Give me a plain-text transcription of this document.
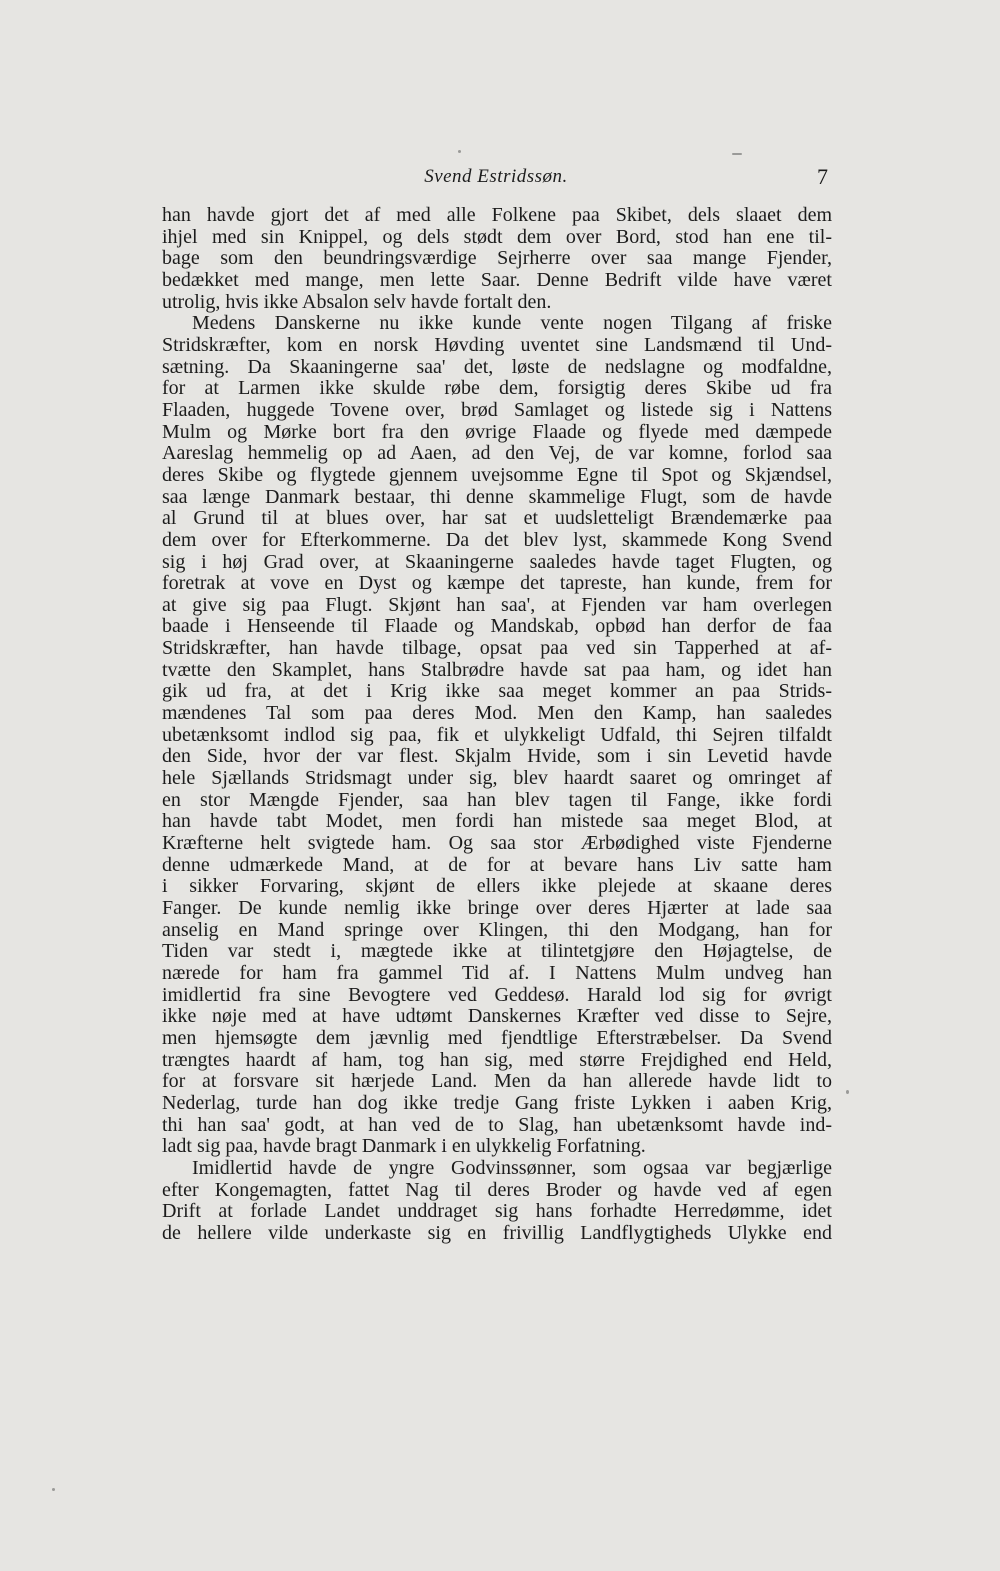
Svend Estridssøn.	7
han havde gjort det af med alle Folkene paa Skibet, dels slaaet dem
ihjel med sin Knippel, og dels stødt dem over Bord, stod han ene til-
bage som den beundringsværdige Sejrherre over saa mange Fjender,
bedækket med mange, men lette Saar. Denne Bedrift vilde have været
utrolig, hvis ikke Absalon selv havde fortalt den.
Medens Danskerne nu ikke kunde vente nogen Tilgang af friske
Stridskræfter, kom en norsk Høvding uventet sine Landsmænd til Und-
sætning. Da Skaaningerne saa' det, løste de nedslagne og modfaldne,
for at Larmen ikke skulde røbe dem, forsigtig deres Skibe ud fra
Flaaden, huggede Tovene over, brød Samlaget og listede sig i Nattens
Mulm og Mørke bort fra den øvrige Flaade og flyede med dæmpede
Aareslag hemmelig op ad Aaen, ad den Vej, de var komne, forlod saa
deres Skibe og flygtede gjennem uvejsomme Egne til Spot og Skjændsel,
saa længe Danmark bestaar, thi denne skammelige Flugt, som de havde
al Grund til at blues over, har sat et uudsletteligt Brændemærke paa
dem over for Efterkommerne. Da det blev lyst, skammede Kong Svend
sig i høj Grad over, at Skaaningerne saaledes havde taget Flugten, og
foretrak at vove en Dyst og kæmpe det tapreste, han kunde, frem for
at give sig paa Flugt. Skjønt han saa', at Fjenden var ham overlegen
baade i Henseende til Flaade og Mandskab, opbød han derfor de faa
Stridskræfter, han havde tilbage, opsat paa ved sin Tapperhed at af-
tvætte den Skamplet, hans Stalbrødre havde sat paa ham, og idet han
gik ud fra, at det i Krig ikke saa meget kommer an paa Strids-
mændenes Tal som paa deres Mod. Men den Kamp, han saaledes
ubetænksomt indlod sig paa, fik et ulykkeligt Udfald, thi Sejren tilfaldt
den Side, hvor der var flest. Skjalm Hvide, som i sin Levetid havde
hele Sjællands Stridsmagt under sig, blev haardt saaret og omringet af
en stor Mængde Fjender, saa han blev tagen til Fange, ikke fordi
han havde tabt Modet, men fordi han mistede saa meget Blod, at
Kræfterne helt svigtede ham. Og saa stor Ærbødighed viste Fjenderne
denne udmærkede Mand, at de for at bevare hans Liv satte ham
i sikker Forvaring, skjønt de ellers ikke plejede at skaane deres
Fanger. De kunde nemlig ikke bringe over deres Hjærter at lade saa
anselig en Mand springe over Klingen, thi den Modgang, han for
Tiden var stedt i, mægtede ikke at tilintetgjøre den Højagtelse, de
nærede for ham fra gammel Tid af. I Nattens Mulm undveg han
imidlertid fra sine Bevogtere ved Geddesø. Harald lod sig for øvrigt
ikke nøje med at have udtømt Danskernes Kræfter ved disse to Sejre,
men hjemsøgte dem jævnlig med fjendtlige Efterstræbelser. Da Svend
trængtes haardt af ham, tog han sig, med større Frejdighed end Held,
for at forsvare sit hærjede Land. Men da han allerede havde lidt to
Nederlag, turde han dog ikke tredje Gang friste Lykken i aaben Krig,
thi han saa' godt, at han ved de to Slag, han ubetænksomt havde ind-
ladt sig paa, havde bragt Danmark i en ulykkelig Forfatning.
Imidlertid havde de yngre Godvinssønner, som ogsaa var begjærlige
efter Kongemagten, fattet Nag til deres Broder og havde ved af egen
Drift at forlade Landet unddraget sig hans forhadte Herredømme, idet
de hellere vilde underkaste sig en frivillig Landflygtigheds Ulykke end
